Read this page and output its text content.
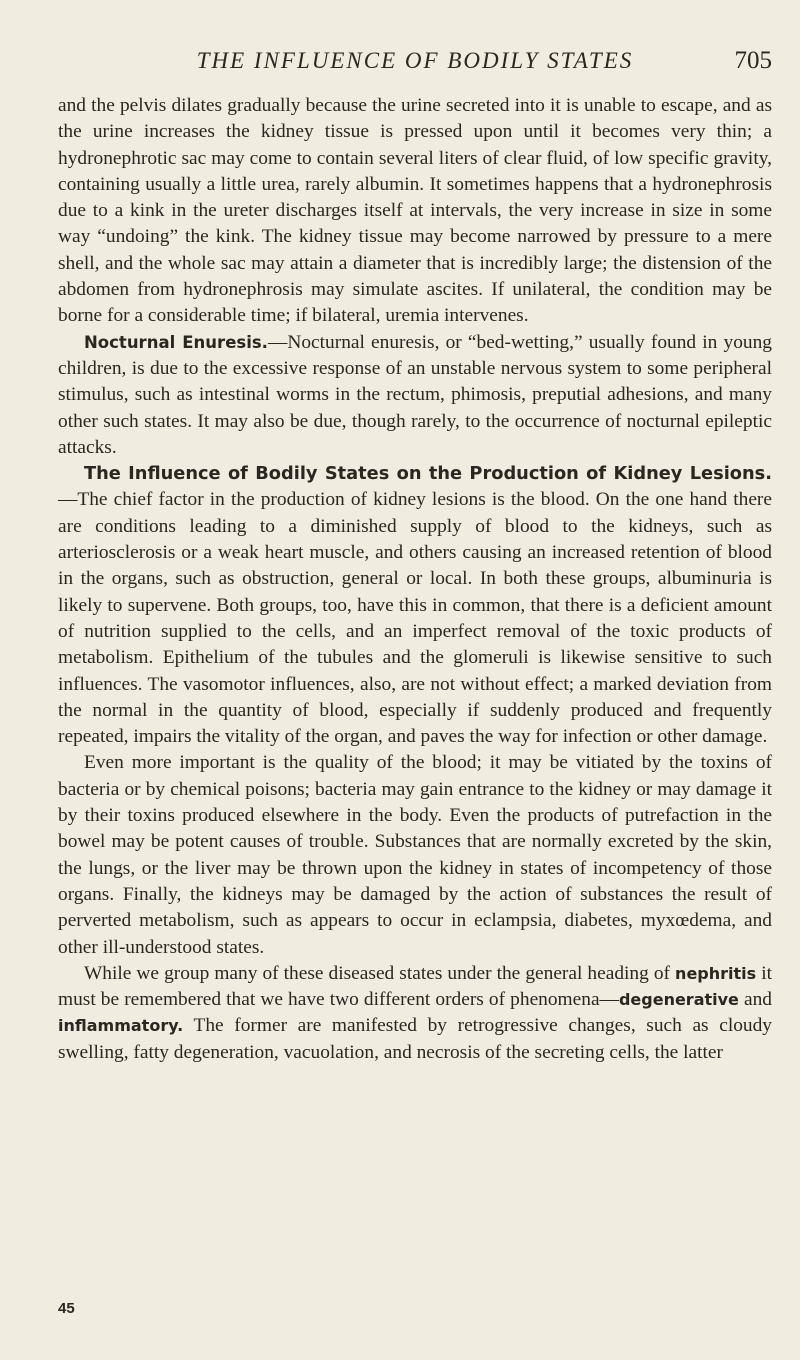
THE INFLUENCE OF BODILY STATES	705

and the pelvis dilates gradually because the urine secreted into it is unable to escape, and as the urine increases the kidney tissue is pressed upon until it becomes very thin; a hydronephrotic sac may come to contain several liters of clear fluid, of low specific gravity, containing usually a little urea, rarely albumin. It sometimes happens that a hydronephrosis due to a kink in the ureter discharges itself at intervals, the very increase in size in some way “undoing” the kink. The kidney tissue may become narrowed by pressure to a mere shell, and the whole sac may attain a diameter that is incredibly large; the distension of the abdomen from hydronephrosis may simulate ascites. If unilateral, the condition may be borne for a considerable time; if bilateral, uremia intervenes.

Nocturnal Enuresis.—Nocturnal enuresis, or “bed-wetting,” usually found in young children, is due to the excessive response of an unstable nervous system to some peripheral stimulus, such as intestinal worms in the rectum, phimosis, preputial adhesions, and many other such states. It may also be due, though rarely, to the occurrence of nocturnal epileptic attacks.

The Influence of Bodily States on the Production of Kidney Lesions. —The chief factor in the production of kidney lesions is the blood. On the one hand there are conditions leading to a diminished supply of blood to the kidneys, such as arteriosclerosis or a weak heart muscle, and others causing an increased retention of blood in the organs, such as obstruction, general or local. In both these groups, albuminuria is likely to supervene. Both groups, too, have this in common, that there is a deficient amount of nutrition supplied to the cells, and an imperfect removal of the toxic products of metabolism. Epithelium of the tubules and the glomeruli is likewise sensitive to such influences. The vasomotor influences, also, are not without effect; a marked deviation from the normal in the quantity of blood, especially if suddenly produced and frequently repeated, impairs the vitality of the organ, and paves the way for infection or other damage.

Even more important is the quality of the blood; it may be vitiated by the toxins of bacteria or by chemical poisons; bacteria may gain entrance to the kidney or may damage it by their toxins produced elsewhere in the body. Even the products of putrefaction in the bowel may be potent causes of trouble. Substances that are normally excreted by the skin, the lungs, or the liver may be thrown upon the kidney in states of incompetency of those organs. Finally, the kidneys may be damaged by the action of substances the result of perverted metabolism, such as appears to occur in eclampsia, diabetes, myxœdema, and other ill-understood states.

While we group many of these diseased states under the general heading of nephritis it must be remembered that we have two different orders of phenomena—degenerative and inflammatory. The former are manifested by retrogressive changes, such as cloudy swelling, fatty degeneration, vacuolation, and necrosis of the secreting cells, the latter

45
